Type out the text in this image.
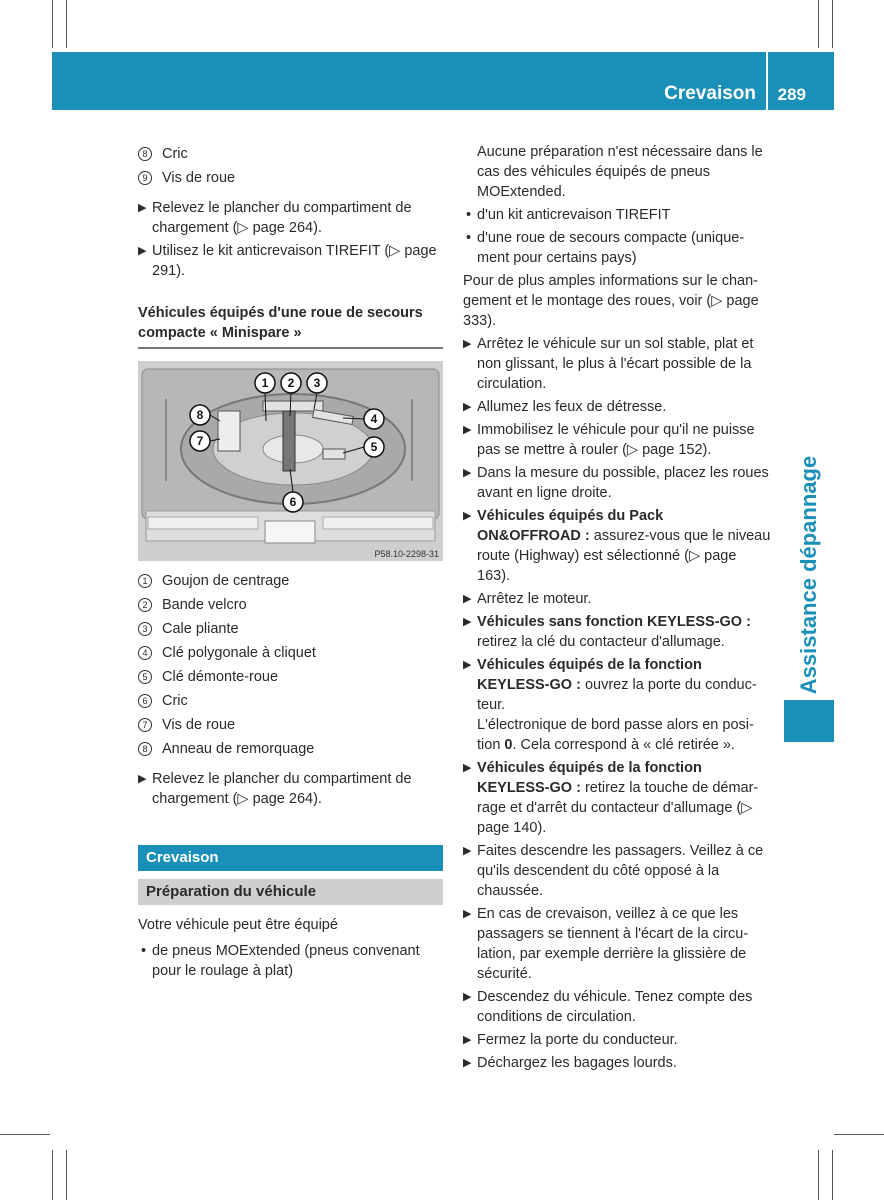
Crevaison 289
Assistance dépannage
8	Cric
9	Vis de roue
▶ Relevez le plancher du compartiment de chargement (▷ page 264).
▶ Utilisez le kit anticrevaison TIREFIT (▷ page 291).
Véhicules équipés d'une roue de secours compacte « Minispare »
1 2 3
4
5
6
7
8
P58.10-2298-31
1	Goujon de centrage
2	Bande velcro
3	Cale pliante
4	Clé polygonale à cliquet
5	Clé démonte-roue
6	Cric
7	Vis de roue
8	Anneau de remorquage
▶ Relevez le plancher du compartiment de chargement (▷ page 264).
Crevaison
Préparation du véhicule
Votre véhicule peut être équipé
• de pneus MOExtended (pneus convenant pour le roulage à plat)
Aucune préparation n'est nécessaire dans le cas des véhicules équipés de pneus MOExtended.
• d'un kit anticrevaison TIREFIT
• d'une roue de secours compacte (uniquement pour certains pays)
Pour de plus amples informations sur le changement et le montage des roues, voir (▷ page 333).
▶ Arrêtez le véhicule sur un sol stable, plat et non glissant, le plus à l'écart possible de la circulation.
▶ Allumez les feux de détresse.
▶ Immobilisez le véhicule pour qu'il ne puisse pas se mettre à rouler (▷ page 152).
▶ Dans la mesure du possible, placez les roues avant en ligne droite.
▶ Véhicules équipés du Pack ON&OFFROAD : assurez-vous que le niveau route (Highway) est sélectionné (▷ page 163).
▶ Arrêtez le moteur.
▶ Véhicules sans fonction KEYLESS-GO : retirez la clé du contacteur d'allumage.
▶ Véhicules équipés de la fonction KEYLESS-GO : ouvrez la porte du conducteur.
L'électronique de bord passe alors en position 0. Cela correspond à « clé retirée ».
▶ Véhicules équipés de la fonction KEYLESS-GO : retirez la touche de démarrage et d'arrêt du contacteur d'allumage (▷ page 140).
▶ Faites descendre les passagers. Veillez à ce qu'ils descendent du côté opposé à la chaussée.
▶ En cas de crevaison, veillez à ce que les passagers se tiennent à l'écart de la circulation, par exemple derrière la glissière de sécurité.
▶ Descendez du véhicule. Tenez compte des conditions de circulation.
▶ Fermez la porte du conducteur.
▶ Déchargez les bagages lourds.
